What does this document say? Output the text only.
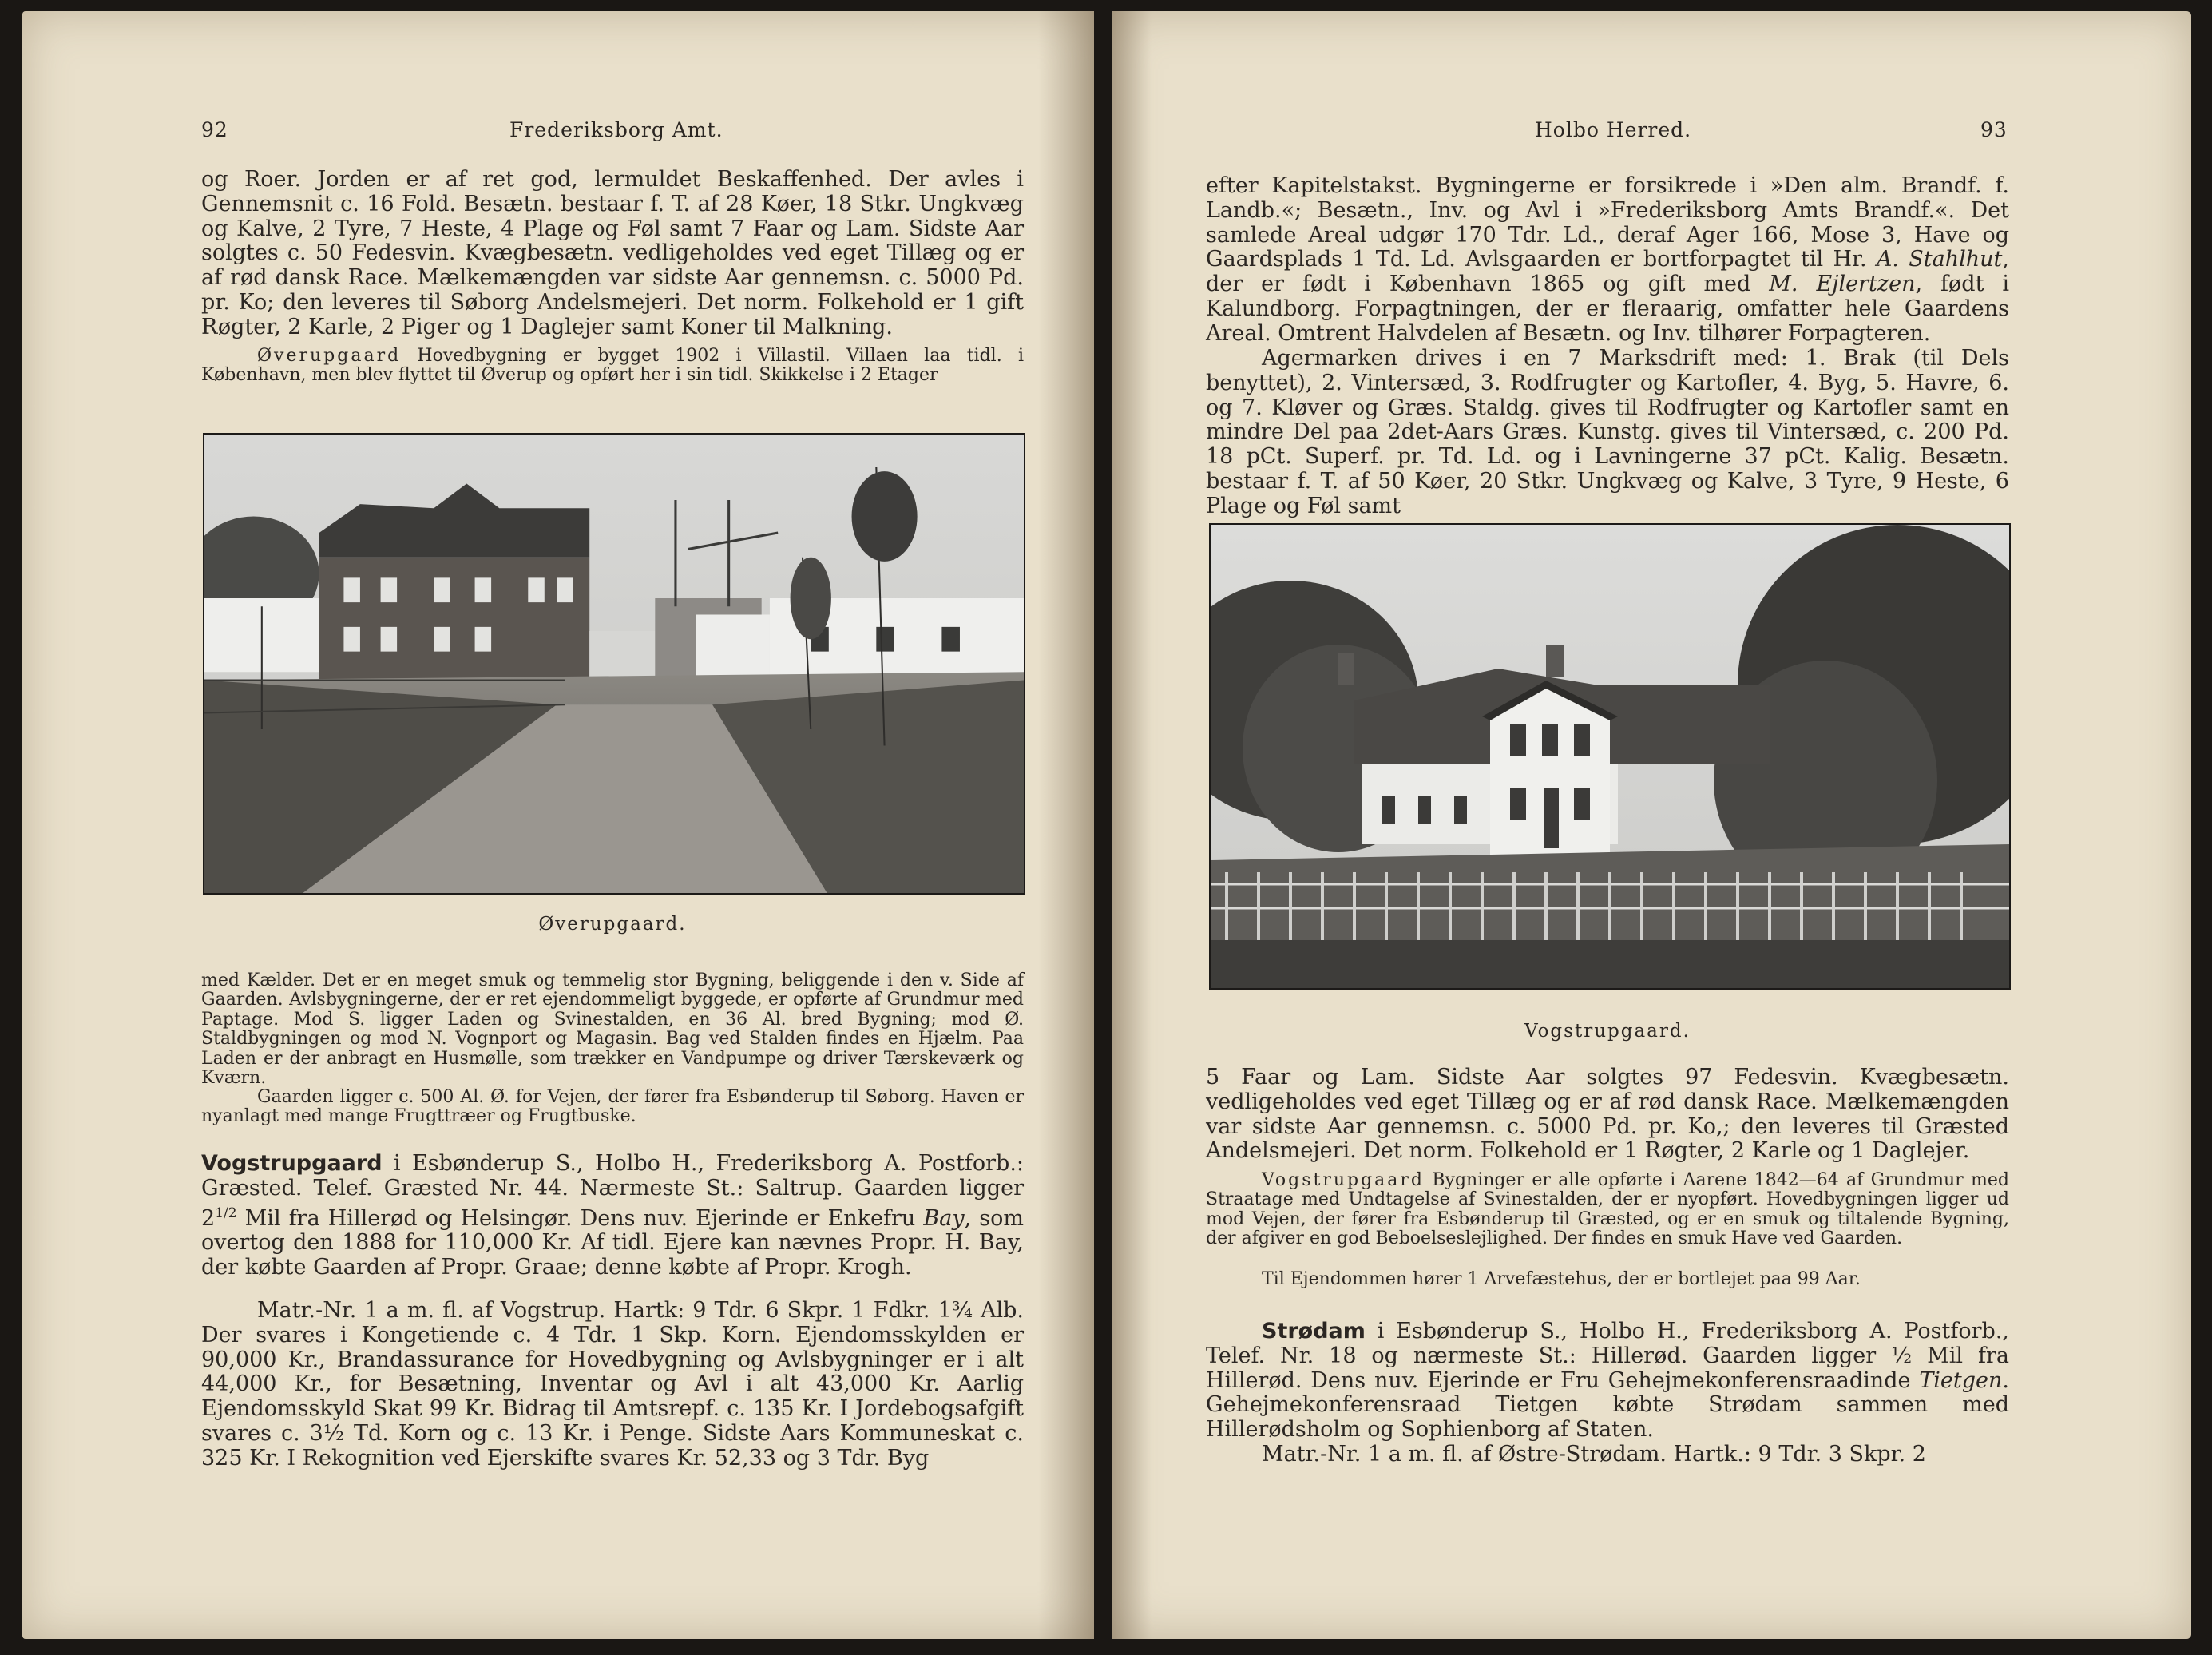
92	Frederiksborg Amt.

og Roer. Jorden er af ret god, lermuldet Beskaffenhed. Der avles i Gennemsnit c. 16 Fold. Besætn. bestaar f. T. af 28 Køer, 18 Stkr. Ungkvæg og Kalve, 2 Tyre, 7 Heste, 4 Plage og Føl samt 7 Faar og Lam. Sidste Aar solgtes c. 50 Fedesvin. Kvægbesætn. vedligeholdes ved eget Tillæg og er af rød dansk Race. Mælkemængden var sidste Aar gennemsn. c. 5000 Pd. pr. Ko; den leveres til Søborg Andelsmejeri. Det norm. Folkehold er 1 gift Røgter, 2 Karle, 2 Piger og 1 Daglejer samt Koner til Malkning.

Øverupgaard Hovedbygning er bygget 1902 i Villastil. Villaen laa tidl. i København, men blev flyttet til Øverup og opført her i sin tidl. Skikkelse i 2 Etager

Øverupgaard.

med Kælder. Det er en meget smuk og temmelig stor Bygning, beliggende i den v. Side af Gaarden. Avlsbygningerne, der er ret ejendommeligt byggede, er opførte af Grundmur med Paptage. Mod S. ligger Laden og Svinestalden, en 36 Al. bred Bygning; mod Ø. Staldbygningen og mod N. Vognport og Magasin. Bag ved Stalden findes en Hjælm. Paa Laden er der anbragt en Husmølle, som trækker en Vandpumpe og driver Tærskeværk og Kværn.

Gaarden ligger c. 500 Al. Ø. for Vejen, der fører fra Esbønderup til Søborg. Haven er nyanlagt med mange Frugttræer og Frugtbuske.

Vogstrupgaard i Esbønderup S., Holbo H., Frederiksborg A. Postforb.: Græsted. Telef. Græsted Nr. 44. Nærmeste St.: Saltrup. Gaarden ligger $2^{1/2}$ Mil fra Hillerød og Helsingør. Dens nuv. Ejerinde er Enkefru Bay, som overtog den 1888 for 110,000 Kr. Af tidl. Ejere kan nævnes Propr. H. Bay, der købte Gaarden af Propr. Graae; denne købte af Propr. Krogh.

Matr.-Nr. 1 a m. fl. af Vogstrup. Hartk: 9 Tdr. 6 Skpr. 1 Fdkr. 1¾ Alb. Der svares i Kongetiende c. 4 Tdr. 1 Skp. Korn. Ejendomsskylden er 90,000 Kr., Brandassurance for Hovedbygning og Avlsbygninger er i alt 44,000 Kr., for Besætning, Inventar og Avl i alt 43,000 Kr. Aarlig Ejendomsskyld Skat 99 Kr. Bidrag til Amtsrepf. c. 135 Kr. I Jordebogsafgift svares c. 3½ Td. Korn og c. 13 Kr. i Penge. Sidste Aars Kommuneskat c. 325 Kr. I Rekognition ved Ejerskifte svares Kr. 52,33 og 3 Tdr. Byg

Holbo Herred.	93

efter Kapitelstakst. Bygningerne er forsikrede i »Den alm. Brandf. f. Landb.«; Besætn., Inv. og Avl i »Frederiksborg Amts Brandf.«. Det samlede Areal udgør 170 Tdr. Ld., deraf Ager 166, Mose 3, Have og Gaardsplads 1 Td. Ld. Avlsgaarden er bortforpagtet til Hr. A. Stahlhut, der er født i København 1865 og gift med M. Ejlertzen, født i Kalundborg. Forpagtningen, der er flerаarig, omfatter hele Gaardens Areal. Omtrent Halvdelen af Besætn. og Inv. tilhører Forpagteren.

Agermarken drives i en 7 Marksdrift med: 1. Brak (til Dels benyttet), 2. Vintersæd, 3. Rodfrugter og Kartofler, 4. Byg, 5. Havre, 6. og 7. Kløver og Græs. Staldg. gives til Rodfrugter og Kartofler samt en mindre Del paa 2det-Aars Græs. Kunstg. gives til Vintersæd, c. 200 Pd. 18 pCt. Superf. pr. Td. Ld. og i Lavningerne 37 pCt. Kalig. Besætn. bestaar f. T. af 50 Køer, 20 Stkr. Ungkvæg og Kalve, 3 Tyre, 9 Heste, 6 Plage og Føl samt

Vogstrupgaard.

5 Faar og Lam. Sidste Aar solgtes 97 Fedesvin. Kvægbesætn. vedligeholdes ved eget Tillæg og er af rød dansk Race. Mælkemængden var sidste Aar gennemsn. c. 5000 Pd. pr. Ko,; den leveres til Græsted Andelsmejeri. Det norm. Folkehold er 1 Røgter, 2 Karle og 1 Daglejer.

Vogstrupgaard Bygninger er alle opførte i Aarene 1842—64 af Grundmur med Straatage med Undtagelse af Svinestalden, der er nyopført. Hovedbygningen ligger ud mod Vejen, der fører fra Esbønderup til Græsted, og er en smuk og tiltalende Bygning, der afgiver en god Beboelseslejlighed. Der findes en smuk Have ved Gaarden.

Til Ejendommen hører 1 Arvefæstehus, der er bortlejet paa 99 Aar.

Strødam i Esbønderup S., Holbo H., Frederiksborg A. Postforb., Telef. Nr. 18 og nærmeste St.: Hillerød. Gaarden ligger ½ Mil fra Hillerød. Dens nuv. Ejerinde er Fru Gehejmekonferensraadinde Tietgen. Gehejmekonferensraad Tietgen købte Strødam sammen med Hillerødsholm og Sophienborg af Staten.

Matr.-Nr. 1 a m. fl. af Østre-Strødam. Hartk.: 9 Tdr. 3 Skpr. 2
